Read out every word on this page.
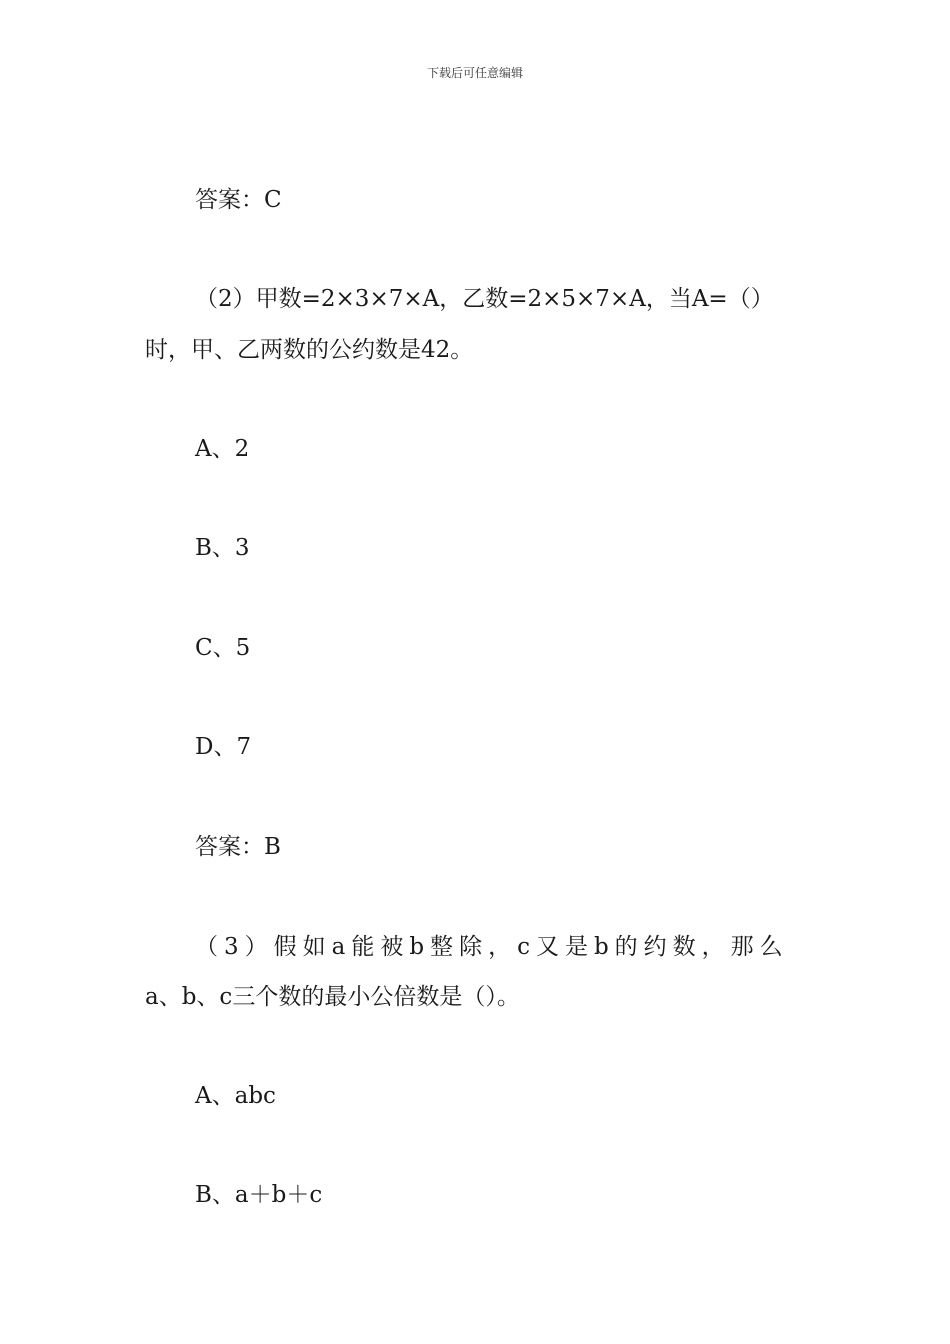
下载后可任意编辑
答案：C
（2）甲数=2×3×7×A，乙数=2×5×7×A，当A=（）
时，甲、乙两数的公约数是42。
A、2
B、3
C、5
D、7
答案：B
（3）假如a能被b整除，c又是b的约数，那么
a、b、c三个数的最小公倍数是（）。
A、abc
B、a＋b＋c
